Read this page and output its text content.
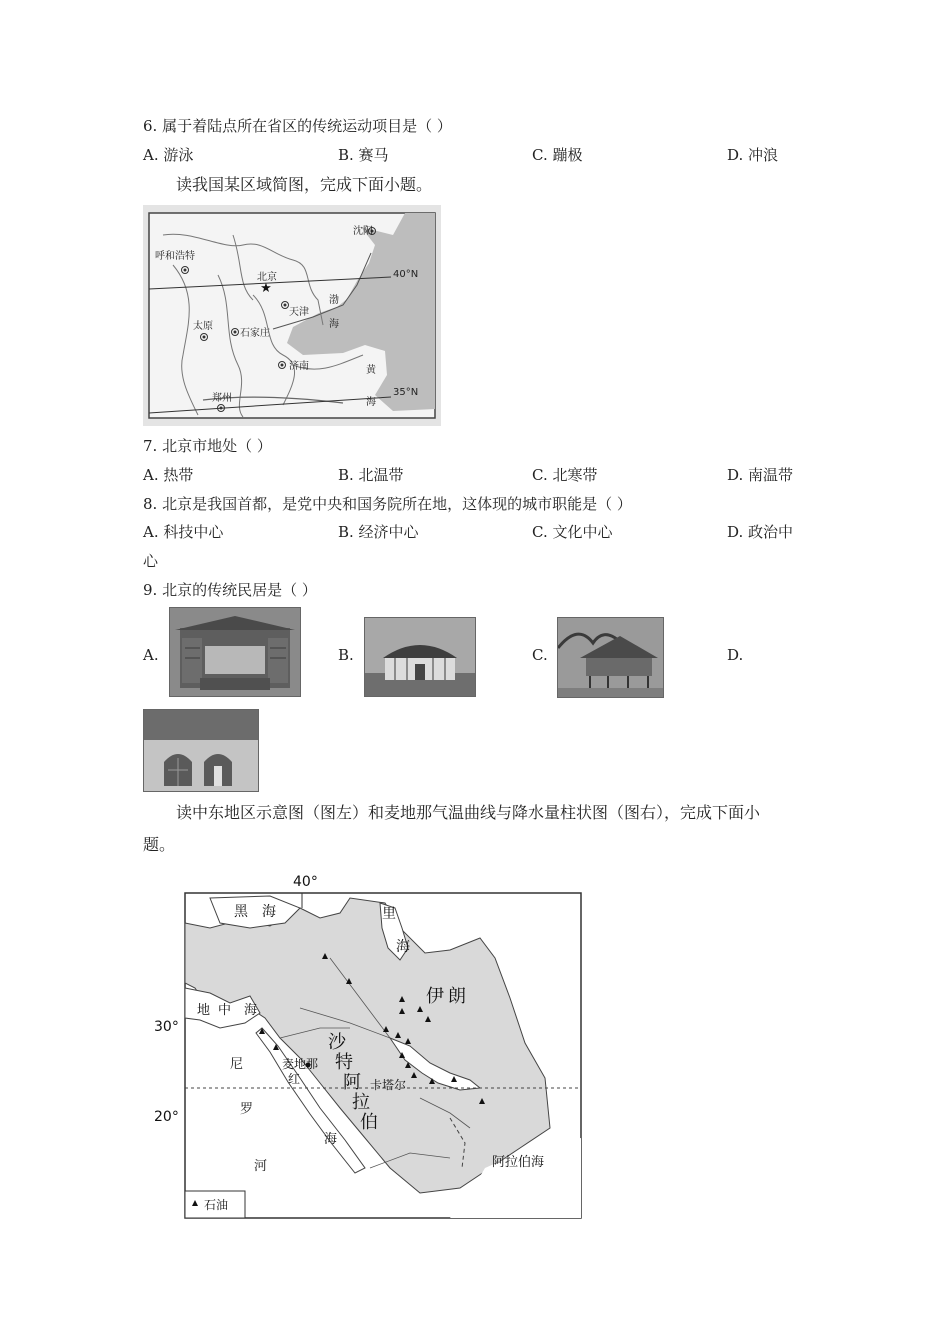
6. 属于着陆点所在省区的传统运动项目是（ ）
A. 游泳	B. 赛马	C. 蹦极	D. 冲浪
读我国某区域简图，完成下面小题。
★
沈阳
呼和浩特
北京
天津
太原
石家庄
济南
郑州
渤
海
黄
海
40°N
35°N
7. 北京市地处（ ）
A. 热带	B. 北温带	C. 北寒带	D. 南温带
8. 北京是我国首都，是党中央和国务院所在地，这体现的城市职能是（ ）
A. 科技中心	B. 经济中心	C. 文化中心	D. 政治中
心
9. 北京的传统民居是（ ）
A.	B.	C.	D.
读中东地区示意图（图左）和麦地那气温曲线与降水量柱状图（图右），完成下面小
题。
40°
30°
20°
黑 海	里
海
地 中 海
伊 朗
沙
特
阿
拉
伯
麦地那
红	卡塔尔
尼
罗
河
海
阿拉伯海
石油
